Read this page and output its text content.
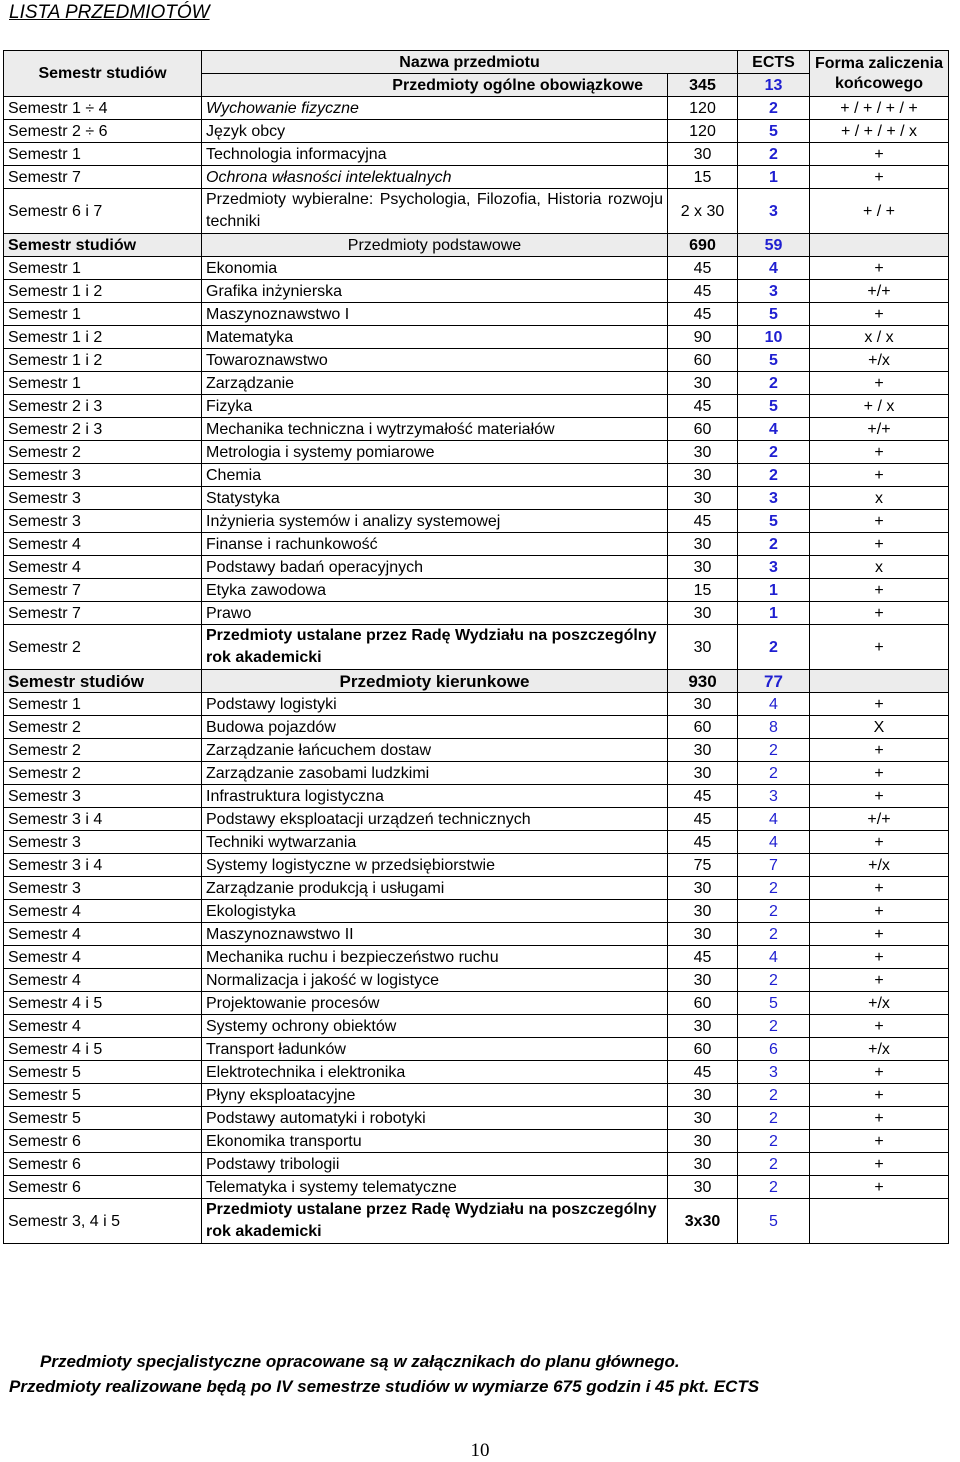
LISTA PRZEDMIOTÓW
Semestr studiów	Nazwa przedmiotu		ECTS	Forma zaliczenia końcowego
	Przedmioty ogólne obowiązkowe	345	13	
Semestr 1 ÷ 4	Wychowanie fizyczne	120	2	+ / + / + / +
Semestr 2 ÷ 6	Język obcy	120	5	+ / + / + / x
Semestr 1	Technologia informacyjna	30	2	+
Semestr 7	Ochrona własności intelektualnych	15	1	+
Semestr 6 i 7	Przedmioty wybieralne: Psychologia, Filozofia, Historia rozwoju techniki	2 x 30	3	+ / +
Semestr studiów	Przedmioty podstawowe	690	59	
Semestr 1	Ekonomia	45	4	+
Semestr 1 i 2	Grafika inżynierska	45	3	+/+
Semestr 1	Maszynoznawstwo I	45	5	+
Semestr 1 i 2	Matematyka	90	10	x / x
Semestr 1 i 2	Towaroznawstwo	60	5	+/x
Semestr 1	Zarządzanie	30	2	+
Semestr 2 i 3	Fizyka	45	5	+ / x
Semestr 2 i 3	Mechanika techniczna i wytrzymałość materiałów	60	4	+/+
Semestr 2	Metrologia i systemy pomiarowe	30	2	+
Semestr 3	Chemia	30	2	+
Semestr 3	Statystyka	30	3	x
Semestr 3	Inżynieria systemów i analizy systemowej	45	5	+
Semestr 4	Finanse i rachunkowość	30	2	+
Semestr 4	Podstawy badań operacyjnych	30	3	x
Semestr 7	Etyka zawodowa	15	1	+
Semestr 7	Prawo	30	1	+
Semestr 2	Przedmioty ustalane przez Radę Wydziału na poszczególny rok akademicki	30	2	+
Semestr studiów	Przedmioty kierunkowe	930	77	
Semestr 1	Podstawy logistyki	30	4	+
Semestr 2	Budowa pojazdów	60	8	X
Semestr 2	Zarządzanie łańcuchem dostaw	30	2	+
Semestr 2	Zarządzanie zasobami ludzkimi	30	2	+
Semestr 3	Infrastruktura logistyczna	45	3	+
Semestr 3 i 4	Podstawy eksploatacji urządzeń technicznych	45	4	+/+
Semestr 3	Techniki wytwarzania	45	4	+
Semestr 3 i 4	Systemy logistyczne w przedsiębiorstwie	75	7	+/x
Semestr 3	Zarządzanie produkcją i usługami	30	2	+
Semestr 4	Ekologistyka	30	2	+
Semestr 4	Maszynoznawstwo II	30	2	+
Semestr 4	Mechanika ruchu i bezpieczeństwo ruchu	45	4	+
Semestr 4	Normalizacja i jakość w logistyce	30	2	+
Semestr 4 i 5	Projektowanie procesów	60	5	+/x
Semestr 4	Systemy ochrony obiektów	30	2	+
Semestr 4 i 5	Transport ładunków	60	6	+/x
Semestr 5	Elektrotechnika i elektronika	45	3	+
Semestr 5	Płyny eksploatacyjne	30	2	+
Semestr 5	Podstawy automatyki i robotyki	30	2	+
Semestr 6	Ekonomika transportu	30	2	+
Semestr 6	Podstawy tribologii	30	2	+
Semestr 6	Telematyka i systemy telematyczne	30	2	+
Semestr 3, 4 i 5	Przedmioty ustalane przez Radę Wydziału na poszczególny rok akademicki	3x30	5	
Przedmioty specjalistyczne opracowane są w załącznikach do planu głównego.
Przedmioty realizowane będą po IV semestrze studiów w wymiarze 675 godzin i 45 pkt. ECTS
10
